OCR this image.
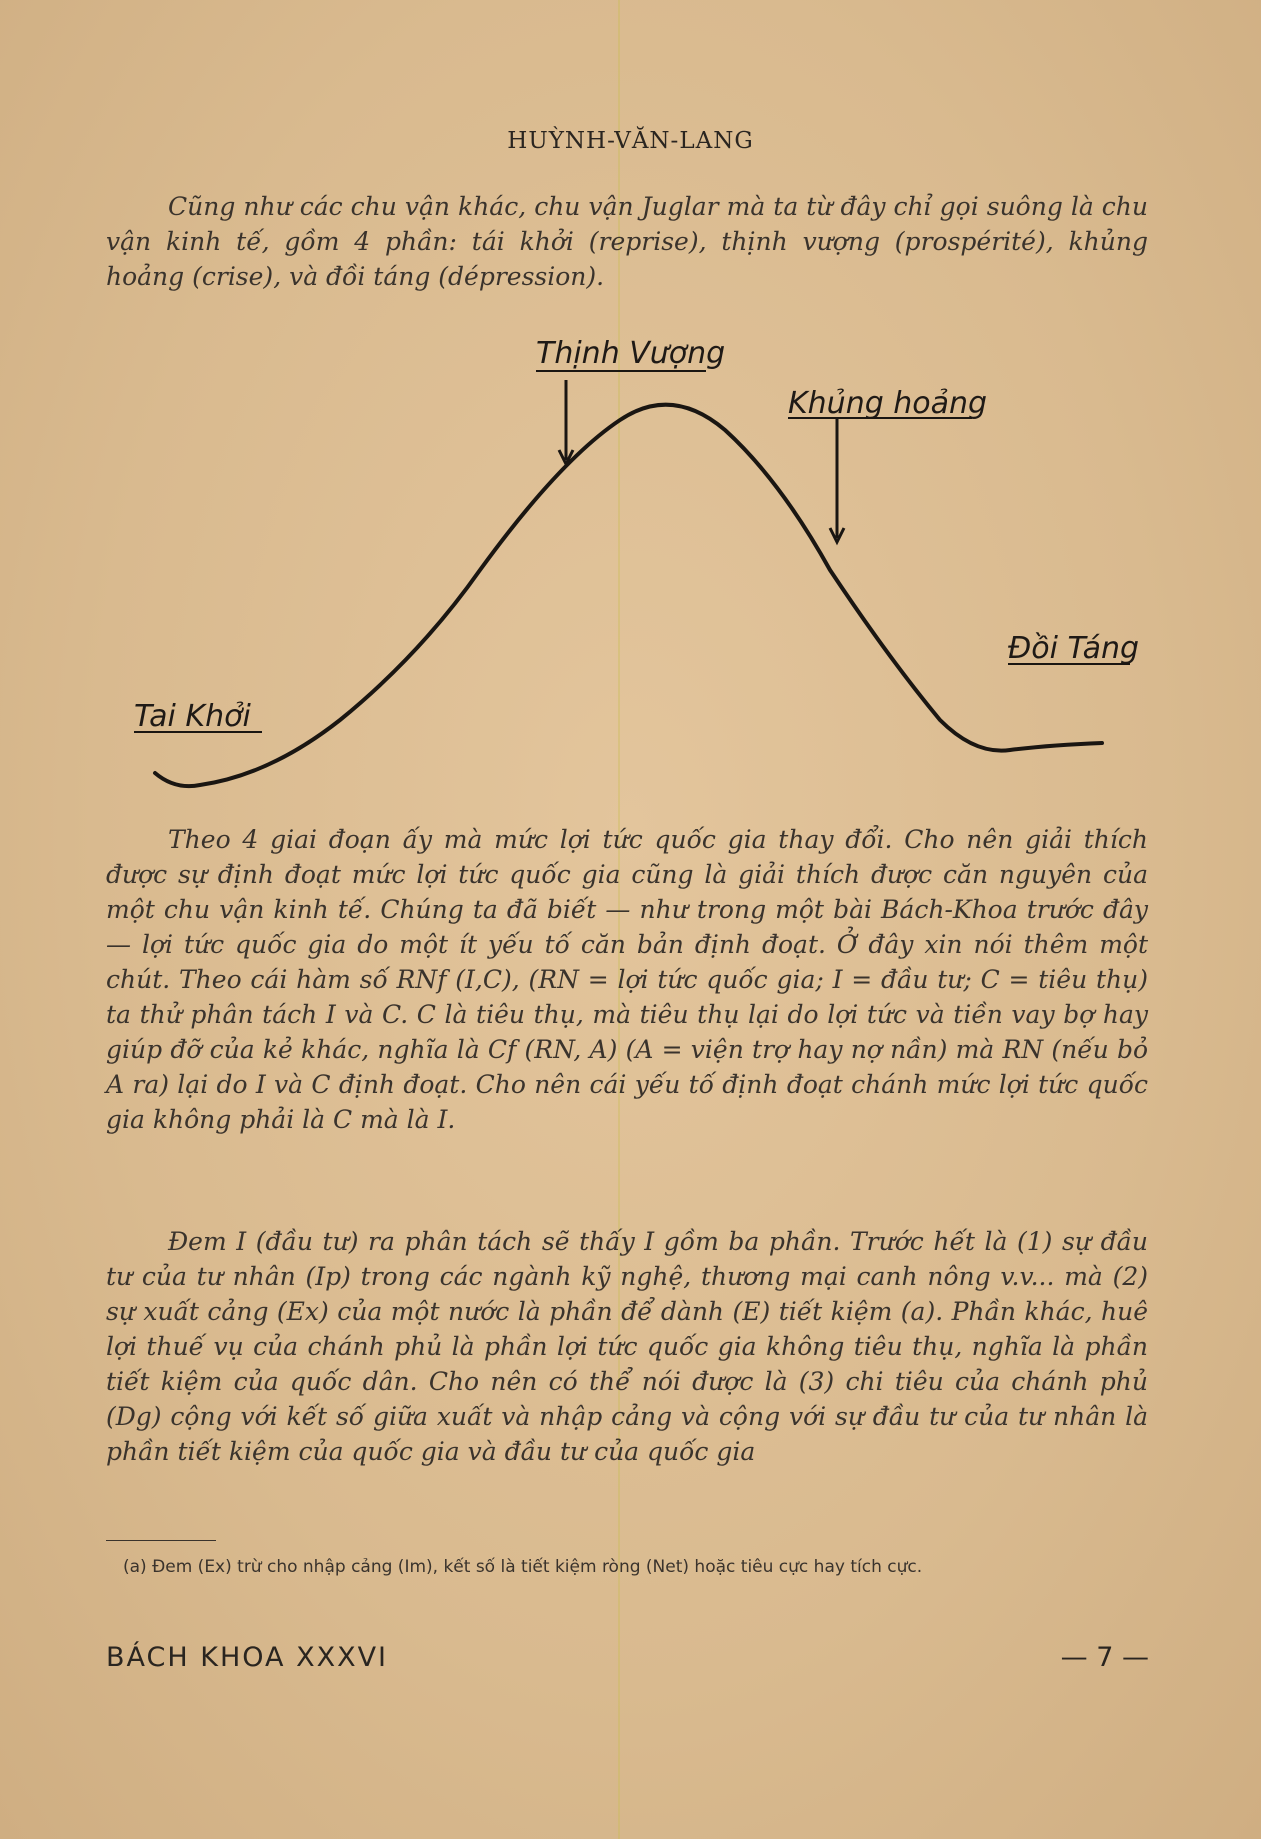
HUỲNH-VĂN-LANG
Cũng như các chu vận khác, chu vận Juglar mà ta từ đây chỉ gọi suông là chu vận kinh tế, gồm 4 phần: tái khởi (reprise), thịnh vượng (prospérité), khủng hoảng (crise), và đồi táng (dépression).
Thịnh Vượng
Khủng hoảng
Tai Khởi
Đồi Táng
Theo 4 giai đoạn ấy mà mức lợi tức quốc gia thay đổi. Cho nên giải thích được sự định đoạt mức lợi tức quốc gia cũng là giải thích được căn nguyên của một chu vận kinh tế. Chúng ta đã biết — như trong một bài Bách-Khoa trước đây — lợi tức quốc gia do một ít yếu tố căn bản định đoạt. Ở đây xin nói thêm một chút. Theo cái hàm số RNf (I,C), (RN = lợi tức quốc gia; I = đầu tư; C = tiêu thụ) ta thử phân tách I và C. C là tiêu thụ, mà tiêu thụ lại do lợi tức và tiền vay bợ hay giúp đỡ của kẻ khác, nghĩa là Cf (RN, A) (A = viện trợ hay nợ nần) mà RN (nếu bỏ A ra) lại do I và C định đoạt. Cho nên cái yếu tố định đoạt chánh mức lợi tức quốc gia không phải là C mà là I.
Đem I (đầu tư) ra phân tách sẽ thấy I gồm ba phần. Trước hết là (1) sự đầu tư của tư nhân (Ip) trong các ngành kỹ nghệ, thương mại canh nông v.v... mà (2) sự xuất cảng (Ex) của một nước là phần để dành (E) tiết kiệm (a). Phần khác, huê lợi thuế vụ của chánh phủ là phần lợi tức quốc gia không tiêu thụ, nghĩa là phần tiết kiệm của quốc dân. Cho nên có thể nói được là (3) chi tiêu của chánh phủ (Dg) cộng với kết số giữa xuất và nhập cảng và cộng với sự đầu tư của tư nhân là phần tiết kiệm của quốc gia và đầu tư của quốc gia
(a) Đem (Ex) trừ cho nhập cảng (Im), kết số là tiết kiệm ròng (Net) hoặc tiêu cực hay tích cực.
BÁCH KHOA XXXVI	— 7 —
